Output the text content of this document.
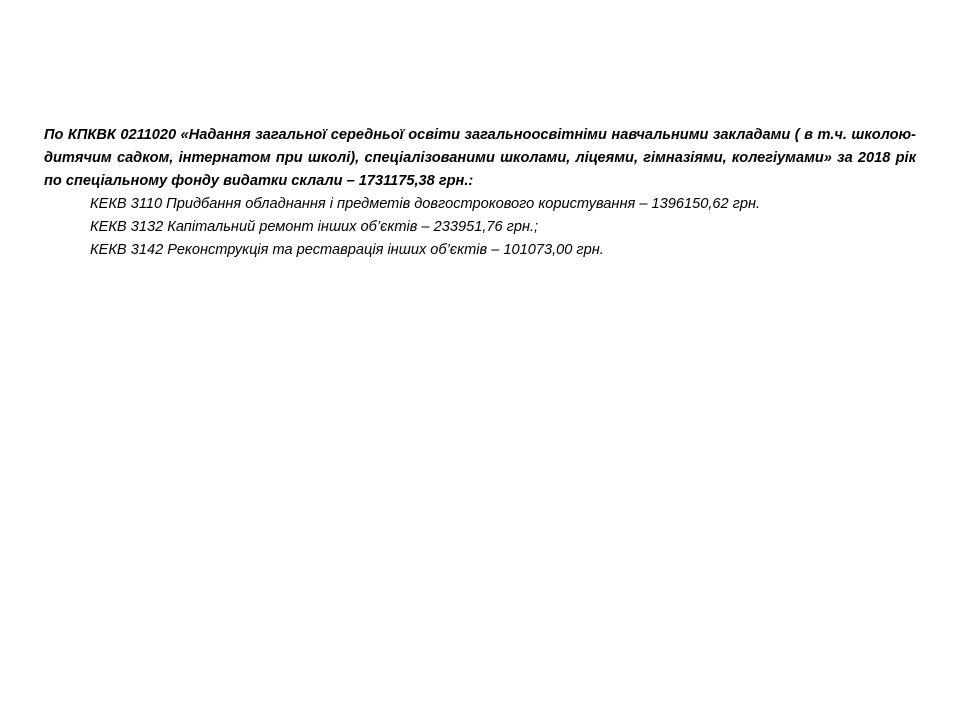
По КПКВК 0211020 «Надання загальної середньої освіти загальноосвітніми навчальними закладами ( в т.ч. школою-дитячим садком, інтернатом при школі), спеціалізованими школами, ліцеями, гімназіями, колегіумами» за 2018 рік по спеціальному фонду видатки склали – 1731175,38 грн.:

КЕКВ 3110 Придбання обладнання і предметів довгострокового користування – 1396150,62 грн.
КЕКВ 3132 Капітальний ремонт інших об’єктів – 233951,76 грн.;
КЕКВ 3142 Реконструкція та реставрація інших об’єктів – 101073,00 грн.
